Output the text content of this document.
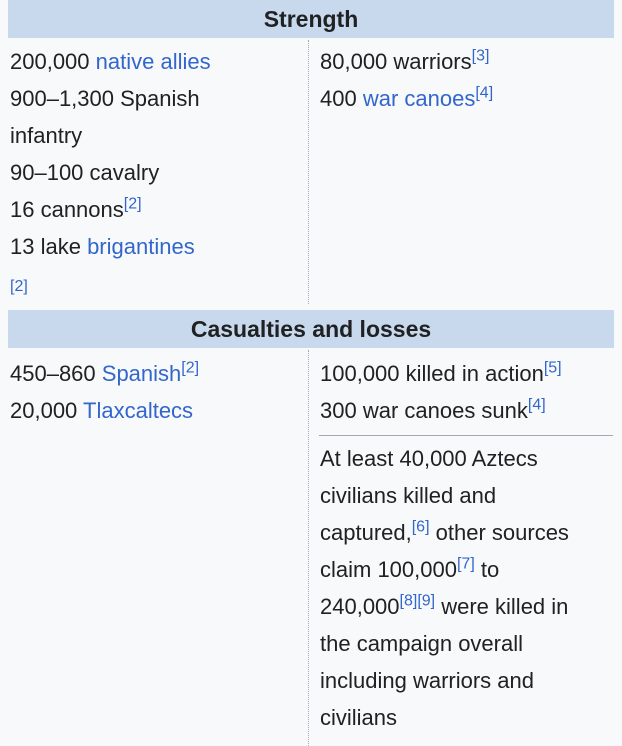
Strength

200,000 native allies

900–1,300 Spanish

infantry

90–100 cavalry

16 cannons[2]

13 lake brigantines

[2]

80,000 warriors[3]

400 war canoes[4]

Casualties and losses

450–860 Spanish[2]

20,000 Tlaxcaltecs

100,000 killed in action[5]

300 war canoes sunk[4]

At least 40,000 Aztecs

civilians killed and

captured,[6] other sources

claim 100,000[7] to

240,000[8][9] were killed in

the campaign overall

including warriors and

civilians
